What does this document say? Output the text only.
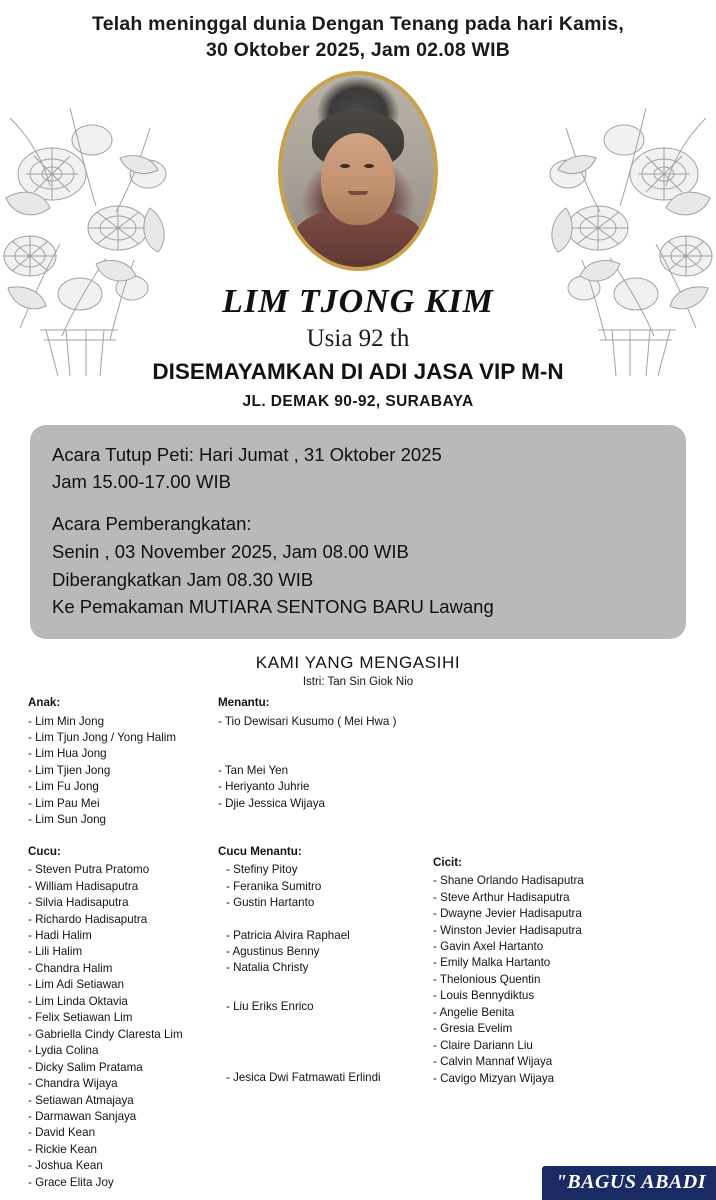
Telah meninggal dunia Dengan Tenang pada hari Kamis,
30 Oktober 2025, Jam 02.08 WIB
LIM TJONG KIM
Usia 92 th
DISEMAYAMKAN DI ADI JASA VIP M-N
JL. DEMAK 90-92, SURABAYA

Acara Tutup Peti: Hari Jumat , 31 Oktober 2025

Jam 15.00-17.00 WIB

Acara Pemberangkatan:

Senin , 03 November 2025, Jam 08.00 WIB

Diberangkatkan Jam 08.30 WIB

Ke Pemakaman MUTIARA SENTONG BARU Lawang

KAMI YANG MENGASIHI
Istri: Tan Sin Giok Nio
Anak:
- Lim Min Jong
- Lim Tjun Jong / Yong Halim
- Lim Hua Jong
- Lim Tjien Jong
- Lim Fu Jong
- Lim Pau Mei
- Lim Sun Jong
Menantu:
- Tio Dewisari Kusumo ( Mei Hwa )
- Tan Mei Yen
- Heriyanto Juhrie
- Djie Jessica Wijaya
Cucu:
- Steven Putra Pratomo
- William Hadisaputra
- Silvia Hadisaputra
- Richardo Hadisaputra
- Hadi Halim
- Lili Halim
- Chandra Halim
- Lim Adi Setiawan
- Lim Linda Oktavia
- Felix Setiawan Lim
- Gabriella Cindy Claresta Lim
- Lydia Colina
- Dicky Salim Pratama
- Chandra Wijaya
- Setiawan Atmajaya
- Darmawan Sanjaya
- David Kean
- Rickie Kean
- Joshua Kean
- Grace Elita Joy
Cucu Menantu:
- Stefiny Pitoy
- Feranika Sumitro
- Gustin Hartanto
- Patricia Alvira Raphael
- Agustinus Benny
- Natalia Christy
- Liu Eriks Enrico
- Jesica Dwi Fatmawati Erlindi
Cicit:
- Shane Orlando Hadisaputra
- Steve Arthur Hadisaputra
- Dwayne Jevier Hadisaputra
- Winston Jevier Hadisaputra
- Gavin Axel Hartanto
- Emily Malka Hartanto
- Thelonious Quentin
- Louis Bennydiktus
- Angelie Benita
- Gresia Evelim
- Claire Dariann Liu
- Calvin Mannaf Wijaya
- Cavigo Mizyan Wijaya
"BAGUS ABADI
